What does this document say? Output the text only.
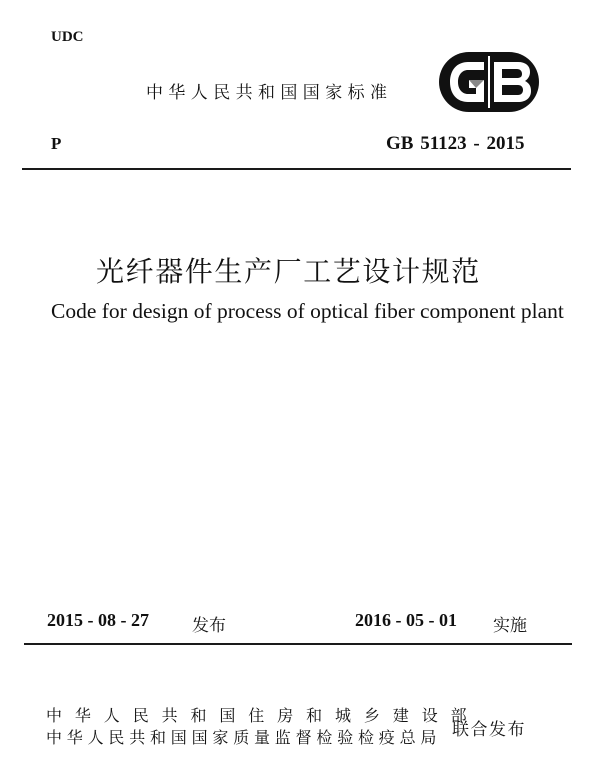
UDC
中华人民共和国国家标准
P	GB 51123 - 2015
光纤器件生产厂工艺设计规范
Code for design of process of optical fiber component plant
2015 - 08 - 27	发布	2016 - 05 - 01 实施
中华人民共和国住房和城乡建设部
中华人民共和国国家质量监督检验检疫总局 联合发布
